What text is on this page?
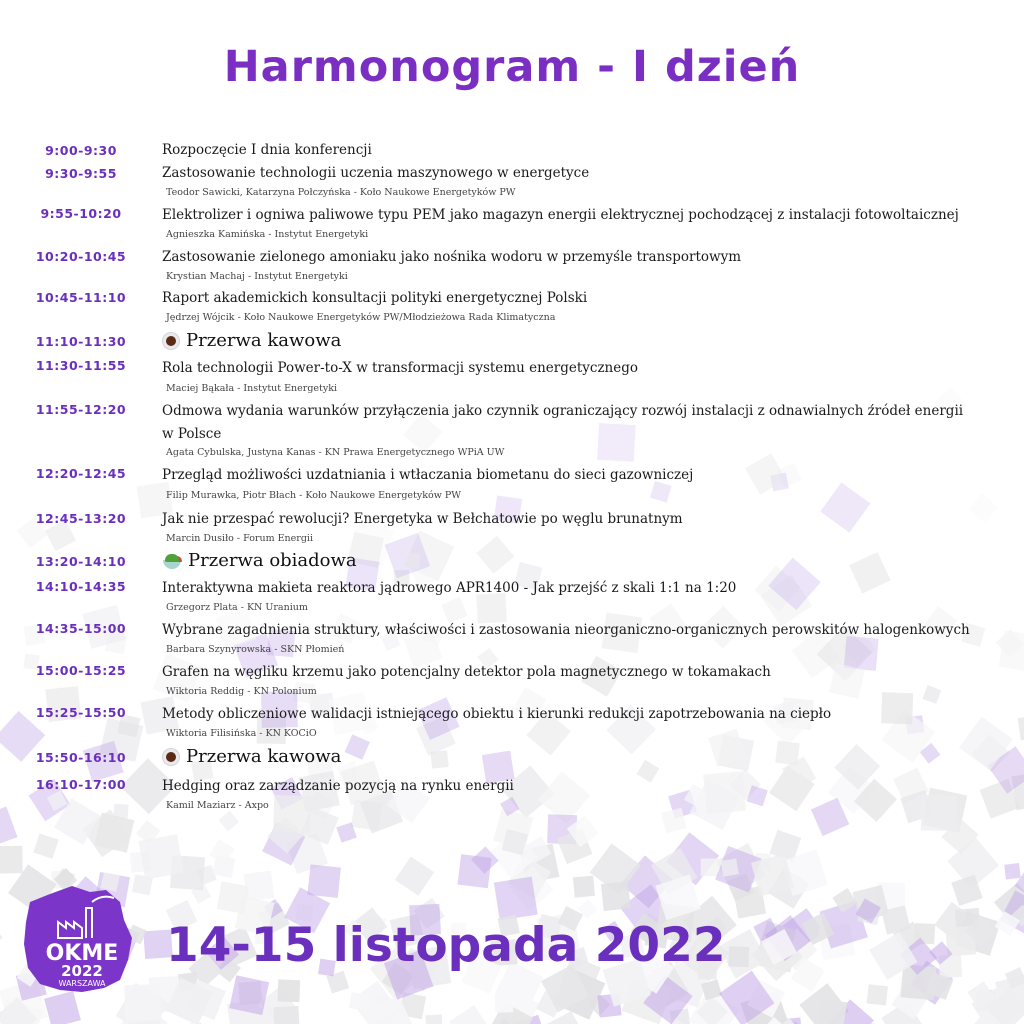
Harmonogram - I dzień
9:00-9:30	Rozpoczęcie I dnia konferencji
9:30-9:55	Zastosowanie technologii uczenia maszynowego w energetyce
Teodor Sawicki, Katarzyna Połczyńska - Koło Naukowe Energetyków PW
9:55-10:20	Elektrolizer i ogniwa paliwowe typu PEM jako magazyn energii elektrycznej pochodzącej z instalacji fotowoltaicznej
Agnieszka Kamińska - Instytut Energetyki
10:20-10:45	Zastosowanie zielonego amoniaku jako nośnika wodoru w przemyśle transportowym
Krystian Machaj - Instytut Energetyki
10:45-11:10	Raport akademickich konsultacji polityki energetycznej Polski
Jędrzej Wójcik - Koło Naukowe Energetyków PW/Młodzieżowa Rada Klimatyczna
11:10-11:30	Przerwa kawowa
11:30-11:55	Rola technologii Power-to-X w transformacji systemu energetycznego
Maciej Bąkała - Instytut Energetyki
11:55-12:20	Odmowa wydania warunków przyłączenia jako czynnik ograniczający rozwój instalacji z odnawialnych źródeł energii
w Polsce
Agata Cybulska, Justyna Kanas - KN Prawa Energetycznego WPiA UW
12:20-12:45	Przegląd możliwości uzdatniania i wtłaczania biometanu do sieci gazowniczej
Filip Murawka, Piotr Błach - Koło Naukowe Energetyków PW
12:45-13:20	Jak nie przespać rewolucji? Energetyka w Bełchatowie po węglu brunatnym
Marcin Dusiło - Forum Energii
13:20-14:10	Przerwa obiadowa
14:10-14:35	Interaktywna makieta reaktora jądrowego APR1400 - Jak przejść z skali 1:1 na 1:20
Grzegorz Plata - KN Uranium
14:35-15:00	Wybrane zagadnienia struktury, właściwości i zastosowania nieorganiczno-organicznych perowskitów halogenkowych
Barbara Szynyrowska - SKN Płomień
15:00-15:25	Grafen na węgliku krzemu jako potencjalny detektor pola magnetycznego w tokamakach
Wiktoria Reddig - KN Polonium
15:25-15:50	Metody obliczeniowe walidacji istniejącego obiektu i kierunki redukcji zapotrzebowania na ciepło
Wiktoria Filisińska - KN KOCiO
15:50-16:10	Przerwa kawowa
16:10-17:00	Hedging oraz zarządzanie pozycją na rynku energii
Kamil Maziarz - Axpo
OKME
2022
WARSZAWA
14-15 listopada 2022
